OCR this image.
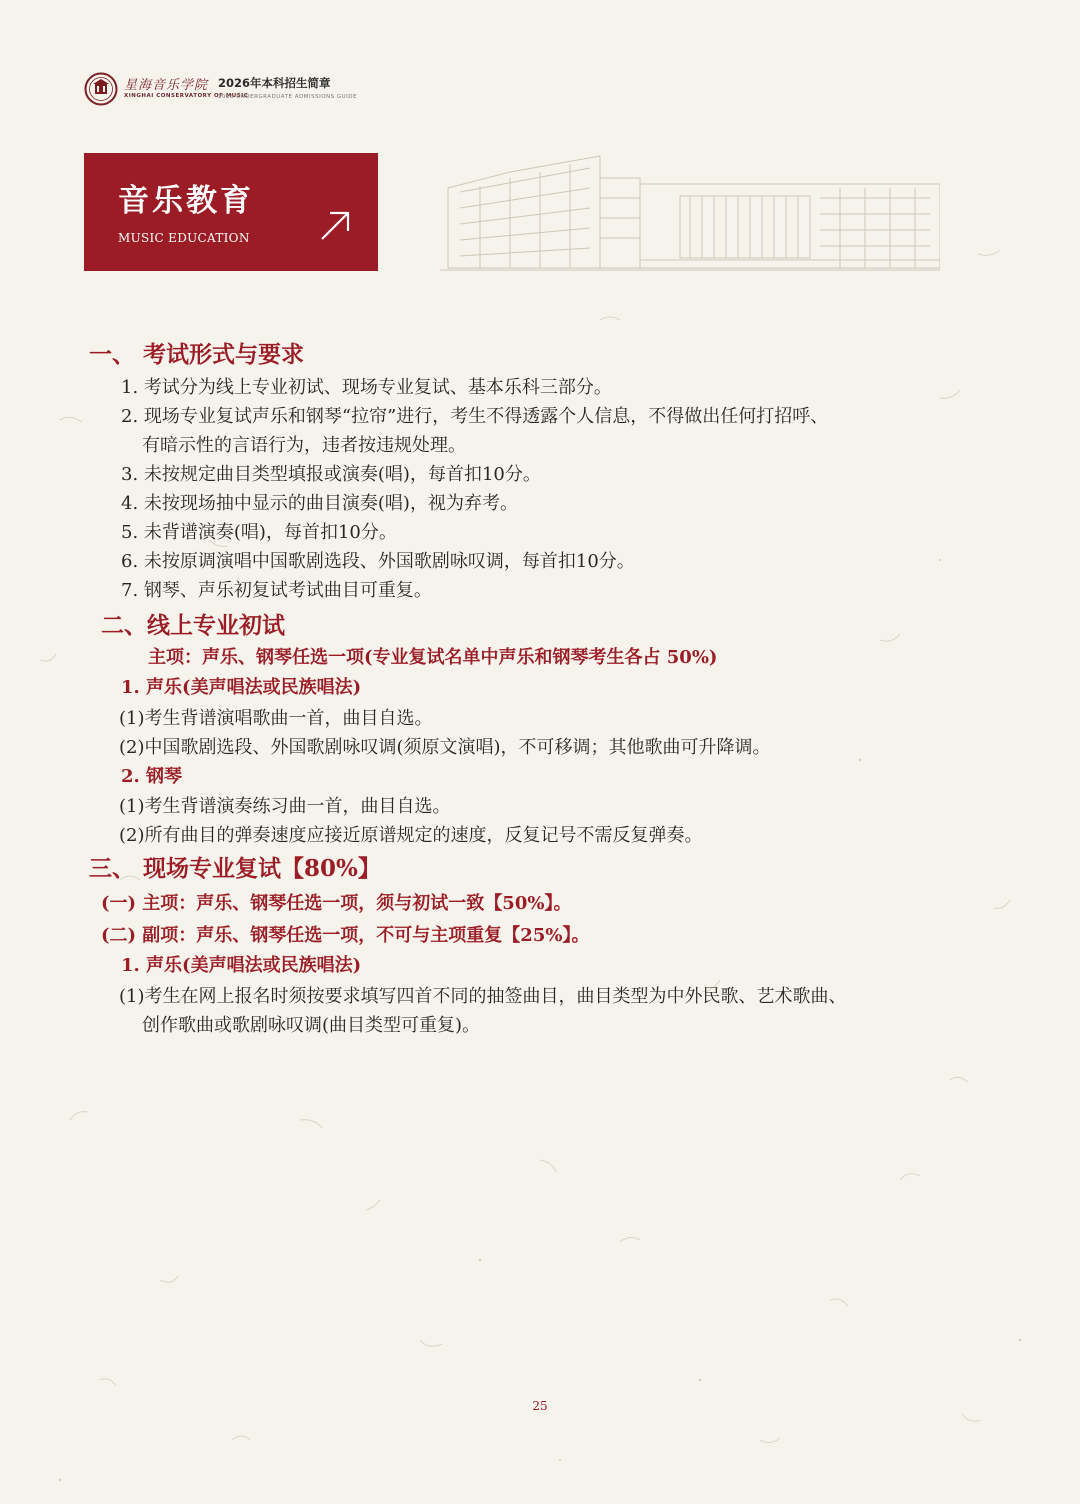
星海音乐学院
XINGHAI CONSERVATORY OF MUSIC
2026年本科招生简章
2026 UNDERGRADUATE ADMISSIONS GUIDE
音乐教育
MUSIC EDUCATION
一、 考试形式与要求
1. 考试分为线上专业初试、现场专业复试、基本乐科三部分。
2. 现场专业复试声乐和钢琴“拉帘”进行，考生不得透露个人信息，不得做出任何打招呼、
有暗示性的言语行为，违者按违规处理。
3. 未按规定曲目类型填报或演奏(唱)，每首扣10分。
4. 未按现场抽中显示的曲目演奏(唱)，视为弃考。
5. 未背谱演奏(唱)，每首扣10分。
6. 未按原调演唱中国歌剧选段、外国歌剧咏叹调，每首扣10分。
7. 钢琴、声乐初复试考试曲目可重复。
二、线上专业初试
主项：声乐、钢琴任选一项(专业复试名单中声乐和钢琴考生各占 50%)
1. 声乐(美声唱法或民族唱法)
(1)考生背谱演唱歌曲一首，曲目自选。
(2)中国歌剧选段、外国歌剧咏叹调(须原文演唱)，不可移调；其他歌曲可升降调。
2. 钢琴
(1)考生背谱演奏练习曲一首，曲目自选。
(2)所有曲目的弹奏速度应接近原谱规定的速度，反复记号不需反复弹奏。
三、 现场专业复试【80%】
(一) 主项：声乐、钢琴任选一项，须与初试一致【50%】。
(二) 副项：声乐、钢琴任选一项，不可与主项重复【25%】。
1. 声乐(美声唱法或民族唱法)
(1)考生在网上报名时须按要求填写四首不同的抽签曲目，曲目类型为中外民歌、艺术歌曲、
创作歌曲或歌剧咏叹调(曲目类型可重复)。
25
